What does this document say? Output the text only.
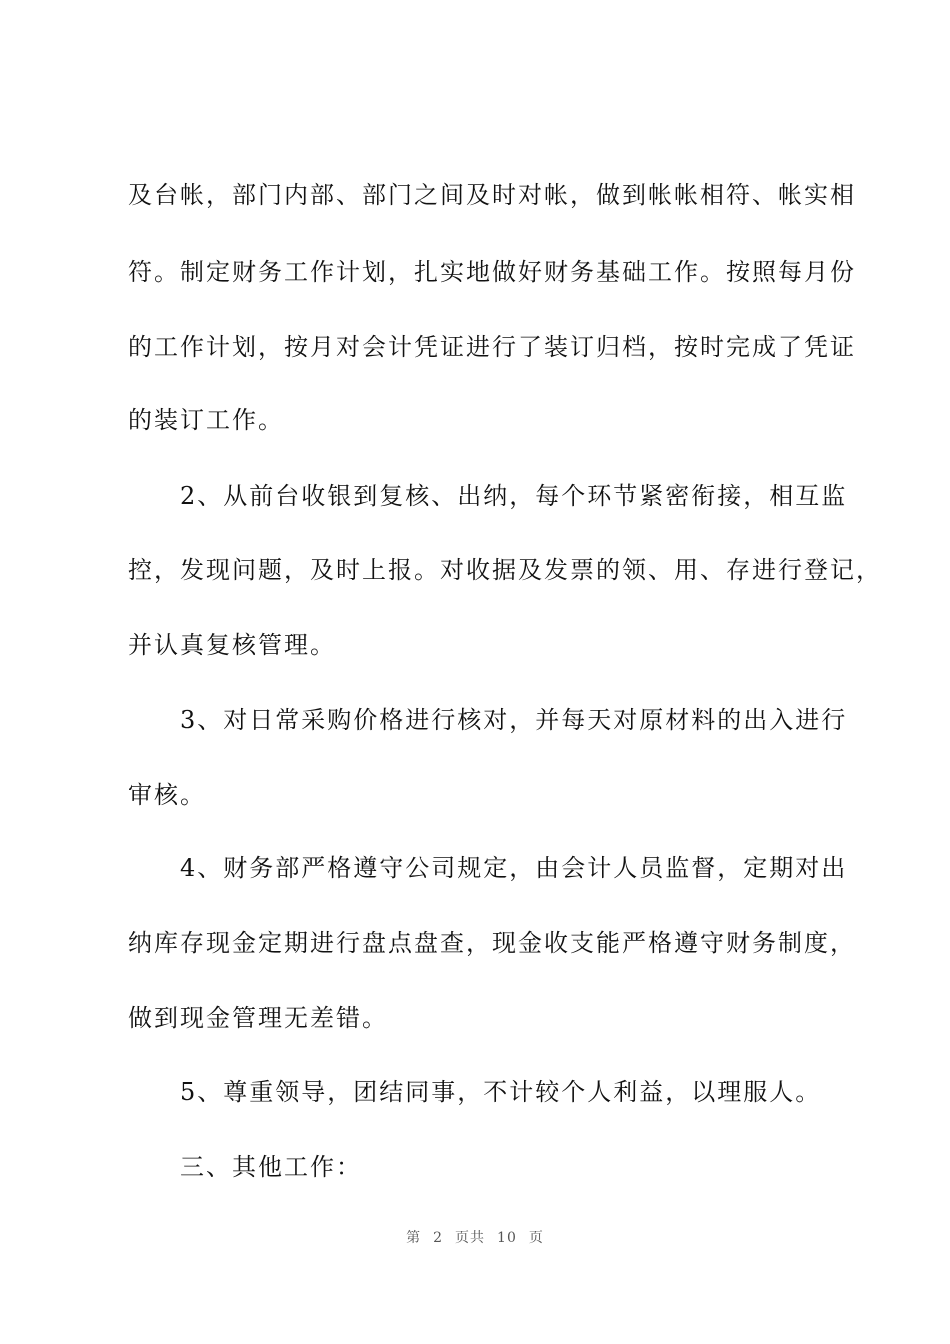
及台帐，部门内部、部门之间及时对帐，做到帐帐相符、帐实相
符。制定财务工作计划，扎实地做好财务基础工作。按照每月份
的工作计划，按月对会计凭证进行了装订归档，按时完成了凭证
的装订工作。
2、从前台收银到复核、出纳，每个环节紧密衔接，相互监
控，发现问题，及时上报。对收据及发票的领、用、存进行登记，
并认真复核管理。
3、对日常采购价格进行核对，并每天对原材料的出入进行
审核。
4、财务部严格遵守公司规定，由会计人员监督，定期对出
纳库存现金定期进行盘点盘查，现金收支能严格遵守财务制度，
做到现金管理无差错。
5、尊重领导，团结同事，不计较个人利益，以理服人。
三、其他工作：
第 2 页共 10 页
